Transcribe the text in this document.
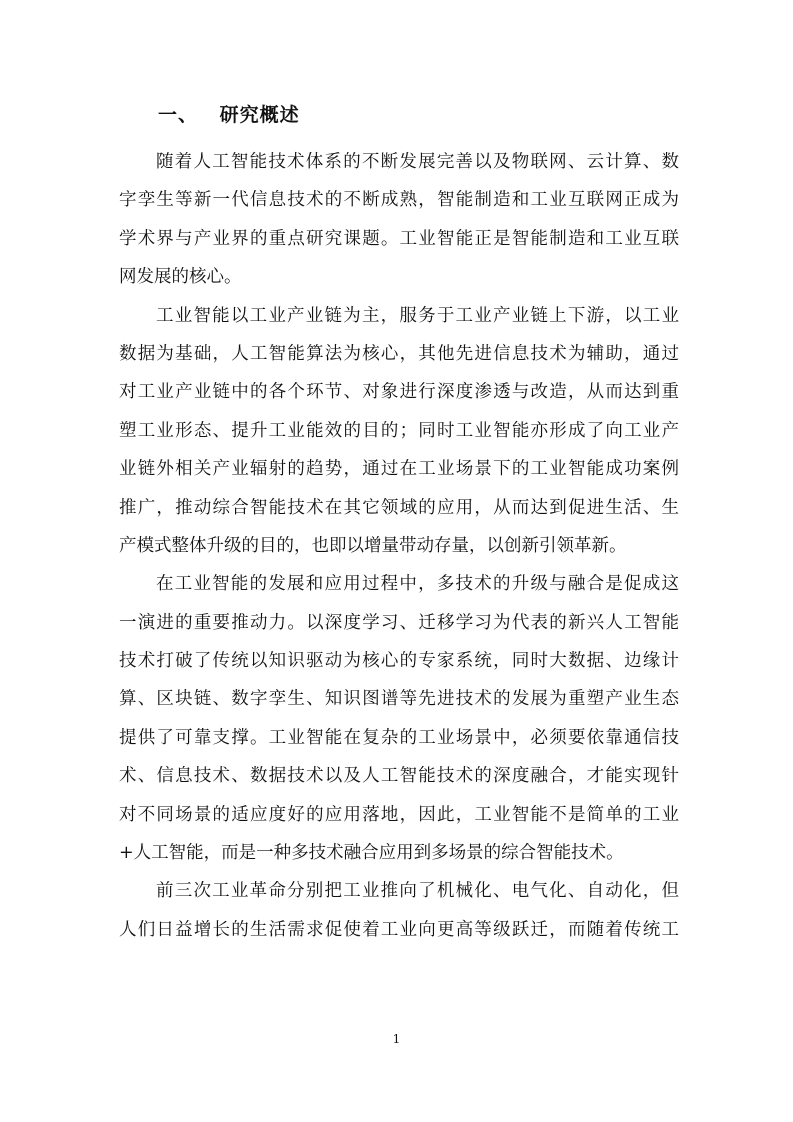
一、 研究概述
随着人工智能技术体系的不断发展完善以及物联网、云计算、数
字孪生等新一代信息技术的不断成熟，智能制造和工业互联网正成为
学术界与产业界的重点研究课题。工业智能正是智能制造和工业互联
网发展的核心。
工业智能以工业产业链为主，服务于工业产业链上下游，以工业
数据为基础，人工智能算法为核心，其他先进信息技术为辅助，通过
对工业产业链中的各个环节、对象进行深度渗透与改造，从而达到重
塑工业形态、提升工业能效的目的；同时工业智能亦形成了向工业产
业链外相关产业辐射的趋势，通过在工业场景下的工业智能成功案例
推广，推动综合智能技术在其它领域的应用，从而达到促进生活、生
产模式整体升级的目的，也即以增量带动存量，以创新引领革新。
在工业智能的发展和应用过程中，多技术的升级与融合是促成这
一演进的重要推动力。以深度学习、迁移学习为代表的新兴人工智能
技术打破了传统以知识驱动为核心的专家系统，同时大数据、边缘计
算、区块链、数字孪生、知识图谱等先进技术的发展为重塑产业生态
提供了可靠支撑。工业智能在复杂的工业场景中，必须要依靠通信技
术、信息技术、数据技术以及人工智能技术的深度融合，才能实现针
对不同场景的适应度好的应用落地，因此，工业智能不是简单的工业
+人工智能，而是一种多技术融合应用到多场景的综合智能技术。
前三次工业革命分别把工业推向了机械化、电气化、自动化，但
人们日益增长的生活需求促使着工业向更高等级跃迁，而随着传统工
1
